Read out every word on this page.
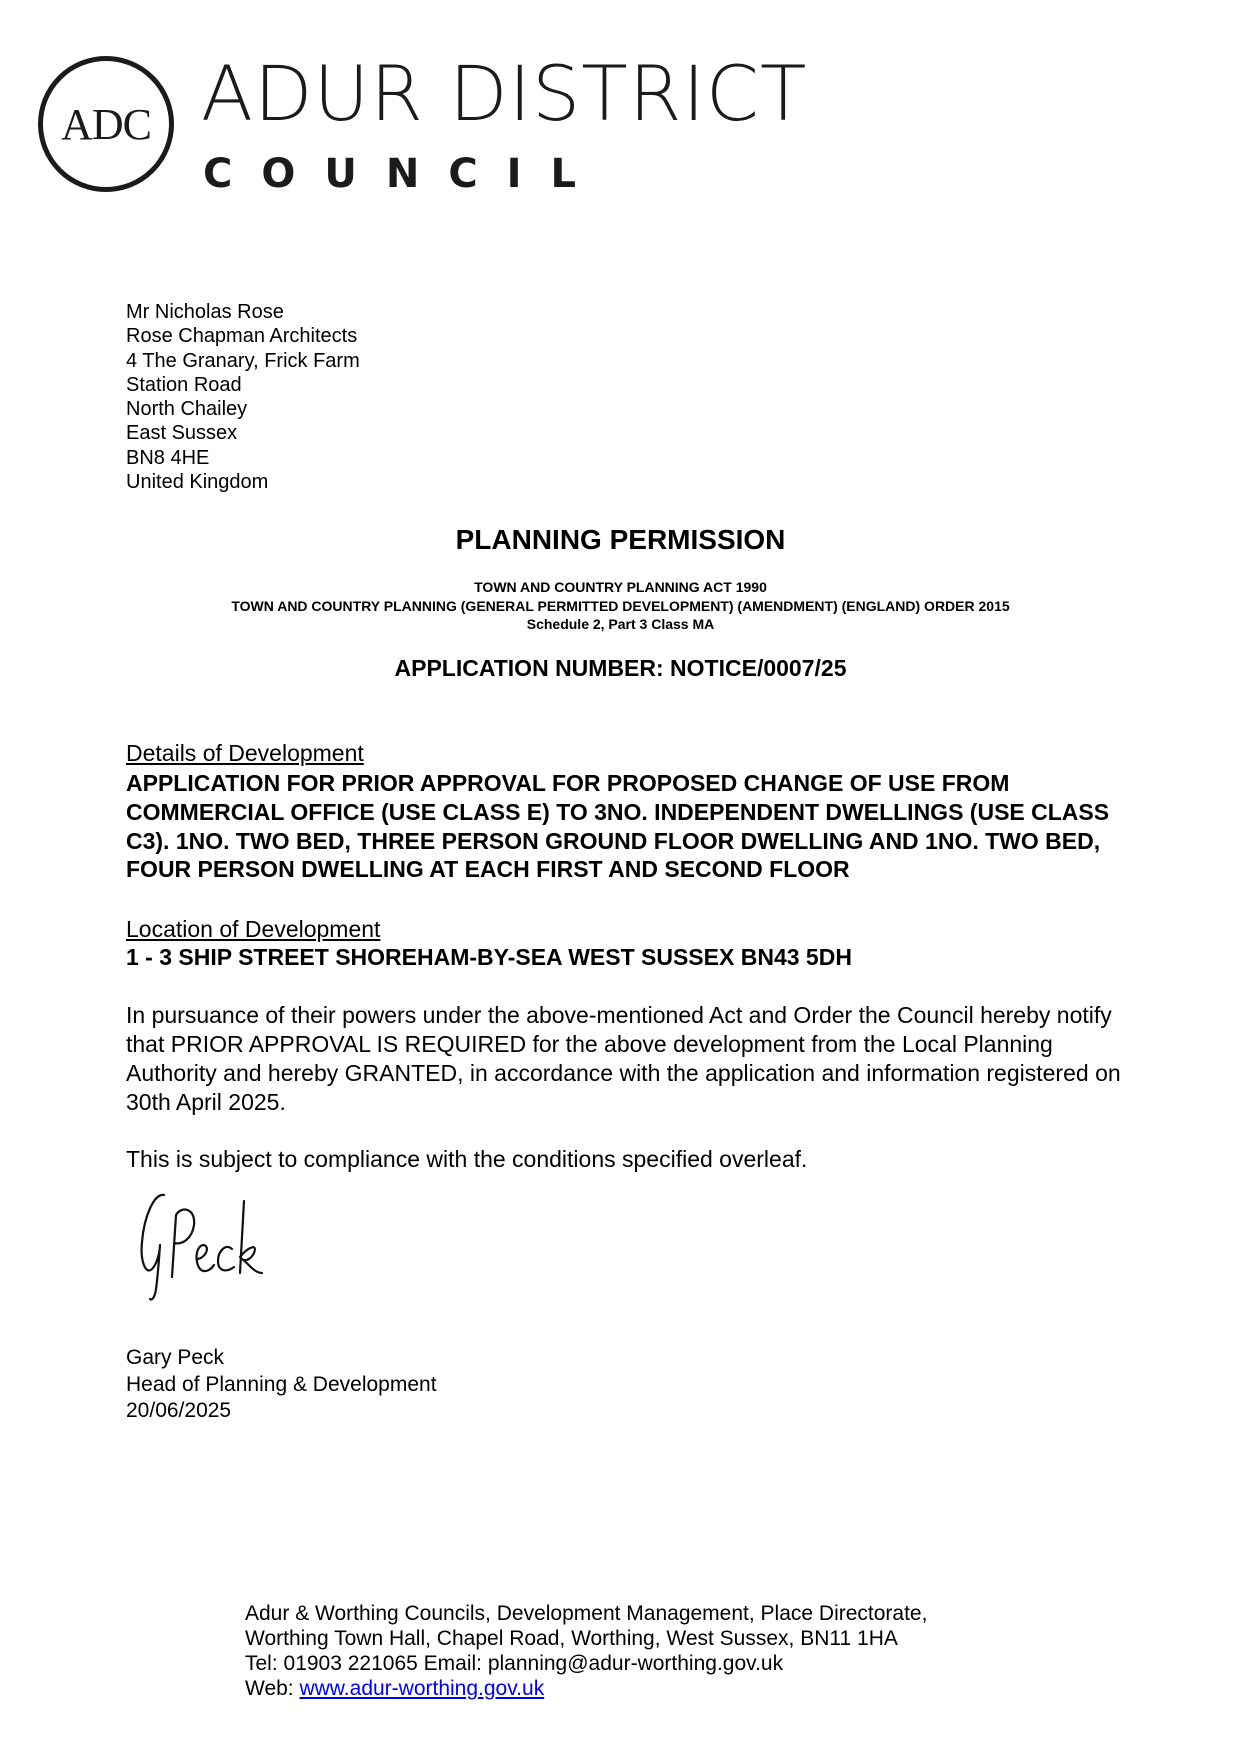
ADC ADUR DISTRICT
COUNCIL
Mr Nicholas Rose
Rose Chapman Architects
4 The Granary, Frick Farm
Station Road
North Chailey
East Sussex
BN8 4HE
United Kingdom
PLANNING PERMISSION
TOWN AND COUNTRY PLANNING ACT 1990
TOWN AND COUNTRY PLANNING (GENERAL PERMITTED DEVELOPMENT) (AMENDMENT) (ENGLAND) ORDER 2015
Schedule 2, Part 3 Class MA
APPLICATION NUMBER: NOTICE/0007/25
Details of Development
APPLICATION FOR PRIOR APPROVAL FOR PROPOSED CHANGE OF USE FROM COMMERCIAL OFFICE (USE CLASS E) TO 3NO. INDEPENDENT DWELLINGS (USE CLASS C3). 1NO. TWO BED, THREE PERSON GROUND FLOOR DWELLING AND 1NO. TWO BED, FOUR PERSON DWELLING AT EACH FIRST AND SECOND FLOOR
Location of Development
1 - 3 SHIP STREET SHOREHAM-BY-SEA WEST SUSSEX BN43 5DH
In pursuance of their powers under the above-mentioned Act and Order the Council hereby notify that PRIOR APPROVAL IS REQUIRED for the above development from the Local Planning Authority and hereby GRANTED, in accordance with the application and information registered on 30th April 2025.
This is subject to compliance with the conditions specified overleaf.
Gary Peck
Head of Planning & Development
20/06/2025
Adur & Worthing Councils, Development Management, Place Directorate,
Worthing Town Hall, Chapel Road, Worthing, West Sussex, BN11 1HA
Tel: 01903 221065 Email: planning@adur-worthing.gov.uk
Web: www.adur-worthing.gov.uk
